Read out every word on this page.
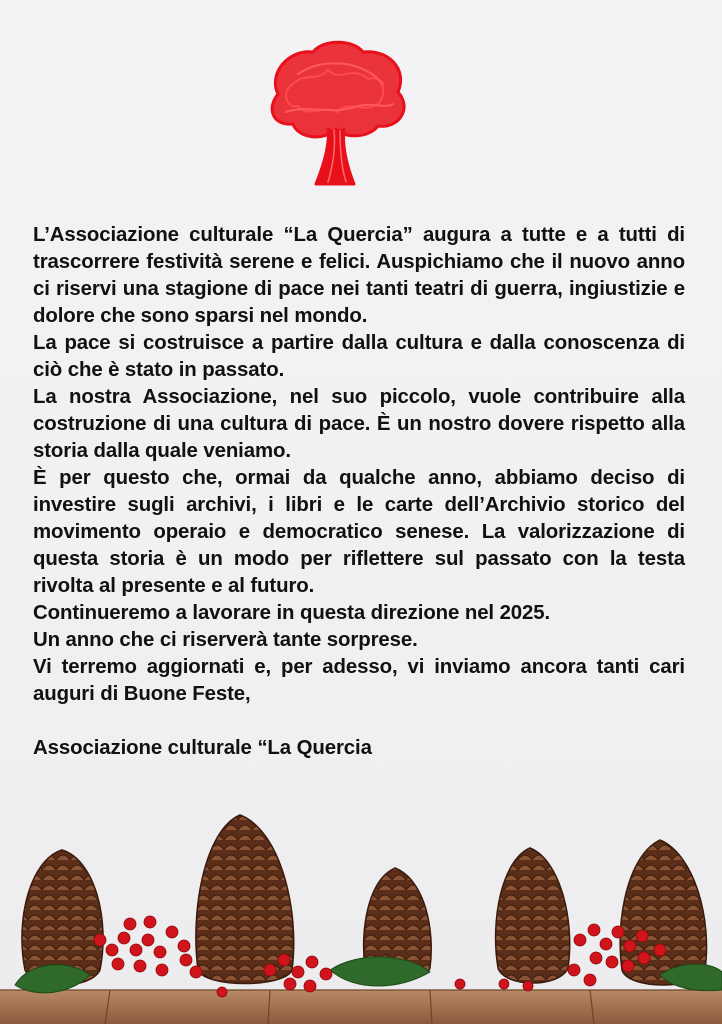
L’Associazione culturale “La Quercia” augura a tutte e a tutti di trascorrere festività serene e felici. Auspichiamo che il nuovo anno ci riservi una stagione di pace nei tanti teatri di guerra, ingiustizie e dolore che sono sparsi nel mondo.

La pace si costruisce a partire dalla cultura e dalla conoscenza di ciò che è stato in passato.

La nostra Associazione, nel suo piccolo, vuole contribuire alla costruzione di una cultura di pace. È un nostro dovere rispetto alla storia dalla quale veniamo.

È per questo che, ormai da qualche anno, abbiamo deciso di investire sugli archivi, i libri e le carte dell’Archivio storico del movimento operaio e democratico senese. La valorizzazione di questa storia è un modo per riflettere sul passato con la testa rivolta al presente e al futuro.

Continueremo a lavorare in questa direzione nel 2025.

Un anno che ci riserverà tante sorprese.

Vi terremo aggiornati e, per adesso, vi inviamo ancora tanti cari auguri di Buone Feste,

Associazione culturale “La Quercia
